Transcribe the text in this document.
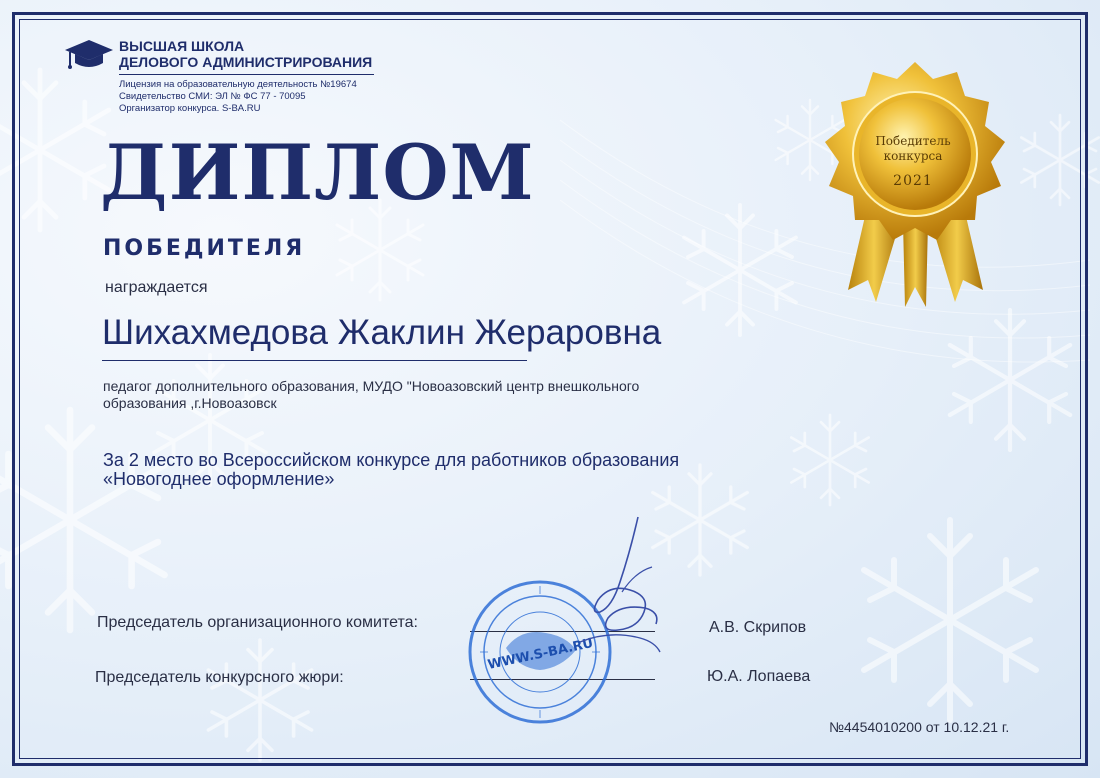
ВЫСШАЯ ШКОЛА
ДЕЛОВОГО АДМИНИСТРИРОВАНИЯ
Лицензия на образовательную деятельность №19674
Свидетельство СМИ: ЭЛ № ФС 77 - 70095
Организатор конкурса. S-BA.RU
ДИПЛОМ
ПОБЕДИТЕЛЯ
награждается
Шихахмедова Жаклин Жераровна
педагог дополнительного образования, МУДО "Новоазовский центр внешкольного образования ,г.Новоазовск
За 2 место во Всероссийском конкурсе для работников образования «Новогоднее оформление»
Победитель
конкурса
2021
Председатель организационного комитета:	А.В. Скрипов
Председатель конкурсного жюри:	Ю.А. Лопаева
WWW.S-BA.RU
№4454010200 от 10.12.21 г.
